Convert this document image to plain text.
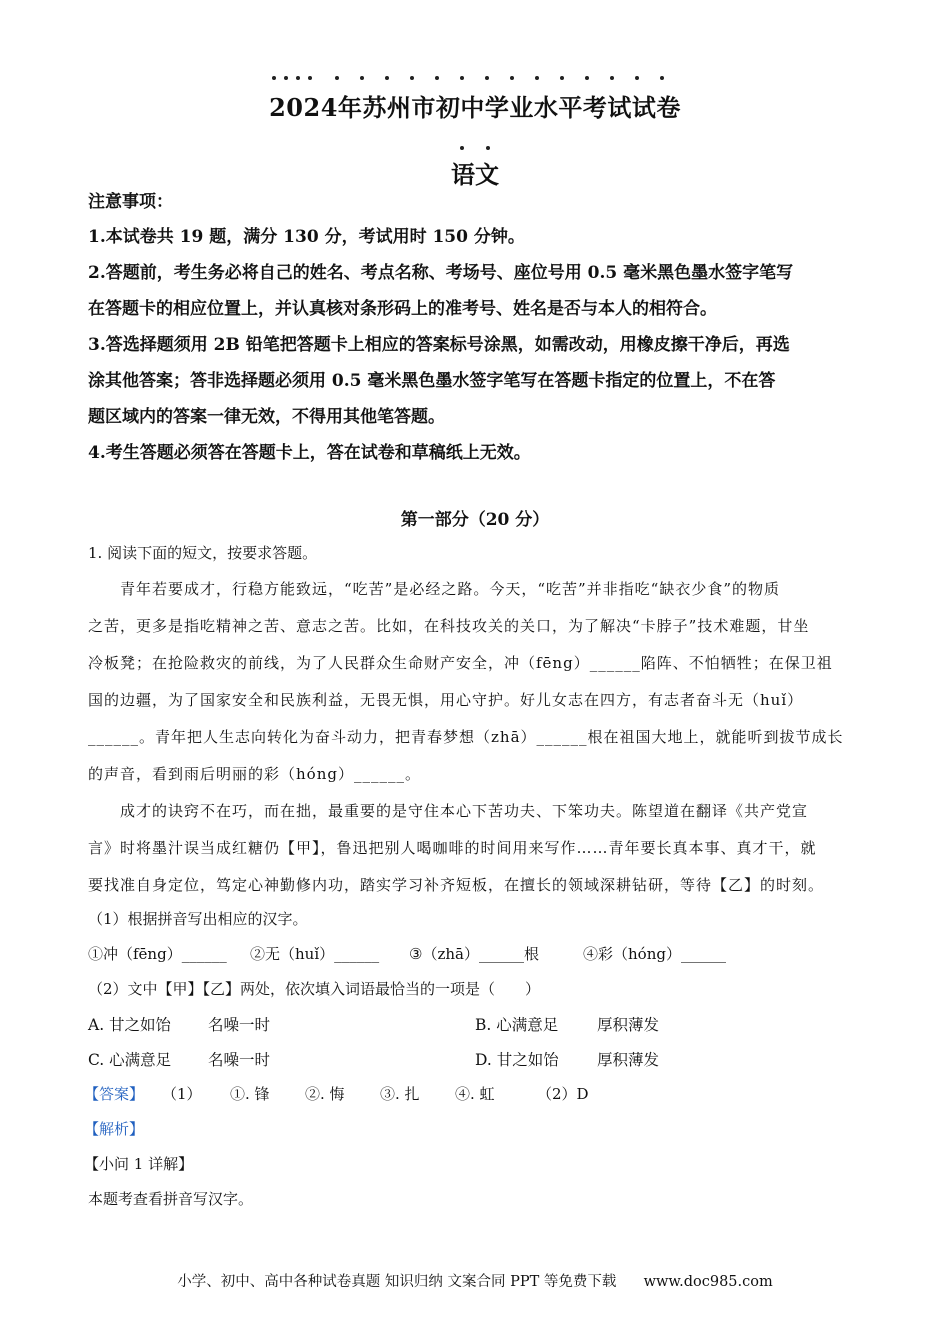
2024年苏州市初中学业水平考试试卷
语文
注意事项：
1.本试卷共 19 题，满分 130 分，考试用时 150 分钟。
2.答题前，考生务必将自己的姓名、考点名称、考场号、座位号用 0.5 毫米黑色墨水签字笔写
在答题卡的相应位置上，并认真核对条形码上的准考号、姓名是否与本人的相符合。
3.答选择题须用 2B 铅笔把答题卡上相应的答案标号涂黑，如需改动，用橡皮擦干净后，再选
涂其他答案；答非选择题必须用 0.5 毫米黑色墨水签字笔写在答题卡指定的位置上，不在答
题区域内的答案一律无效，不得用其他笔答题。
4.考生答题必须答在答题卡上，答在试卷和草稿纸上无效。
第一部分（20 分）
1. 阅读下面的短文，按要求答题。
青年若要成才，行稳方能致远，“吃苦”是必经之路。今天，“吃苦”并非指吃“缺衣少食”的物质
之苦，更多是指吃精神之苦、意志之苦。比如，在科技攻关的关口，为了解决“卡脖子”技术难题，甘坐
冷板凳；在抢险救灾的前线，为了人民群众生命财产安全，冲（fēng）______陷阵、不怕牺牲；在保卫祖
国的边疆，为了国家安全和民族利益，无畏无惧，用心守护。好儿女志在四方，有志者奋斗无（huǐ）
______。青年把人生志向转化为奋斗动力，把青春梦想（zhā）______根在祖国大地上，就能听到拔节成长
的声音，看到雨后明丽的彩（hóng）______。
成才的诀窍不在巧，而在拙，最重要的是守住本心下苦功夫、下笨功夫。陈望道在翻译《共产党宣
言》时将墨汁误当成红糖仍【甲】，鲁迅把别人喝咖啡的时间用来写作……青年要长真本事、真才干，就
要找准自身定位，笃定心神勤修内功，踏实学习补齐短板，在擅长的领域深耕钻研，等待【乙】的时刻。
（1）根据拼音写出相应的汉字。
①冲（fēng）______ ②无（huǐ）______ ③（zhā）______根	④彩（hóng）______
（2）文中【甲】【乙】两处，依次填入词语最恰当的一项是（　　）
A. 甘之如饴 名噪一时	B. 心满意足	厚积薄发
C. 心满意足 名噪一时	D. 甘之如饴 厚积薄发
【答案】 （1） ①. 锋 ②. 悔 ③. 扎 ④. 虹	（2）D
【解析】
【小问 1 详解】
本题考查看拼音写汉字。
小学、初中、高中各种试卷真题 知识归纳 文案合同 PPT 等免费下载 www.doc985.com
